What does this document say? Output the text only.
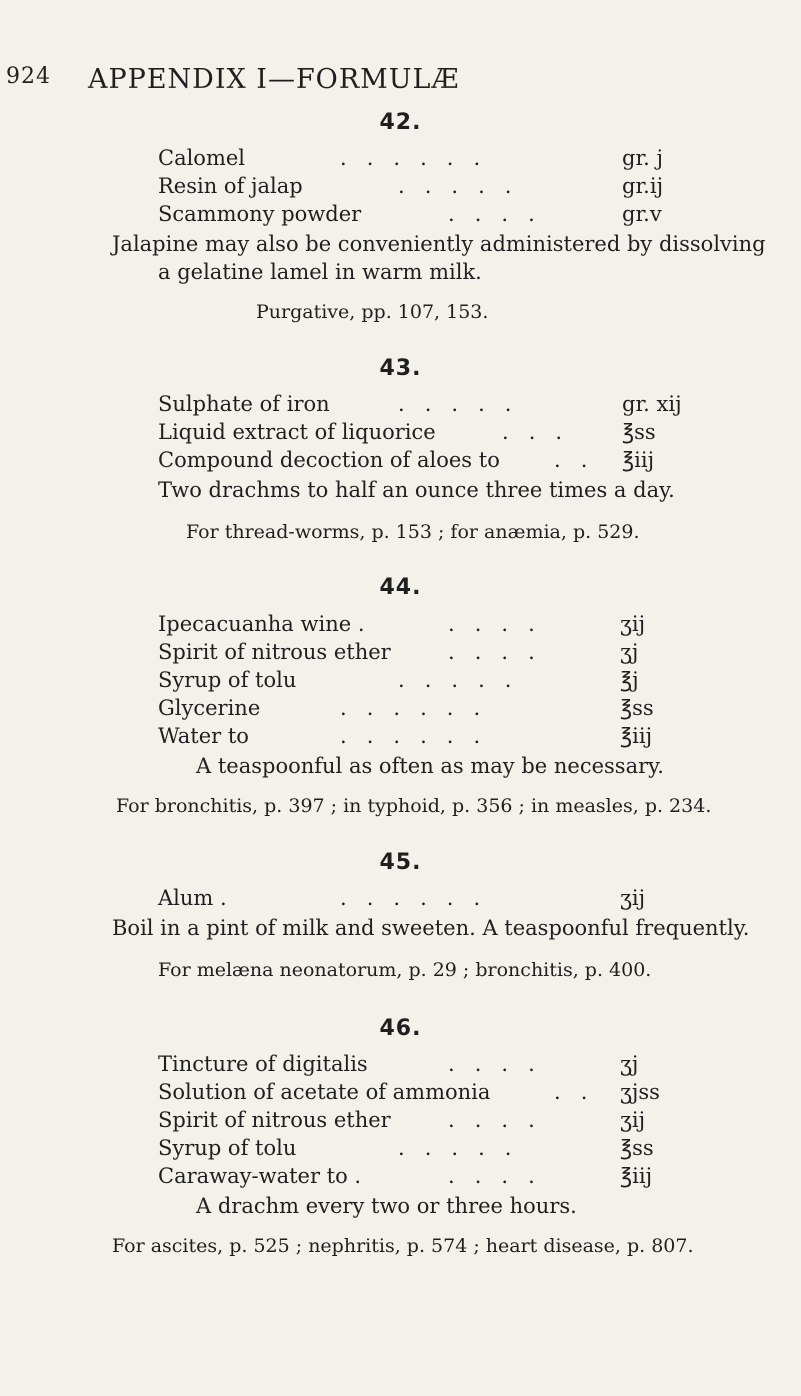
924 APPENDIX I—FORMULÆ
42.
Calomel	.   .   .   .   .   .	gr. j
Resin of jalap	.   .   .   .   .	gr.ij
Scammony powder	.   .   .   .	gr.v
Jalapine may also be conveniently administered by dissolving
a gelatine lamel in warm milk.
Purgative, pp. 107, 153.
43.
Sulphate of iron	.   .   .   .   .	gr. xij
Liquid extract of liquorice	.   .   .	℥ss
Compound decoction of aloes to	.   . ℥iij
Two drachms to half an ounce three times a day.
For thread-worms, p. 153 ; for anæmia, p. 529.
44.
Ipecacuanha wine .	.   .   .   .	ʒij
Spirit of nitrous ether	.   .   .   .	ʒj
Syrup of tolu	.   .   .   .   .	℥j
Glycerine	.   .   .   .   .   .	℥ss
Water to	.   .   .   .   .   .	℥iij
A teaspoonful as often as may be necessary.
For bronchitis, p. 397 ; in typhoid, p. 356 ; in measles, p. 234.
45.
Alum .	.   .   .   .   .   .	ʒij
Boil in a pint of milk and sweeten. A teaspoonful frequently.
For melæna neonatorum, p. 29 ; bronchitis, p. 400.
46.
Tincture of digitalis	.   .   .   .	ʒj
Solution of acetate of ammonia	.   . ʒjss
Spirit of nitrous ether	.   .   .   .	ʒij
Syrup of tolu	.   .   .   .   .	℥ss
Caraway-water to .	.   .   .   .	℥iij
A drachm every two or three hours.
For ascites, p. 525 ; nephritis, p. 574 ; heart disease, p. 807.
